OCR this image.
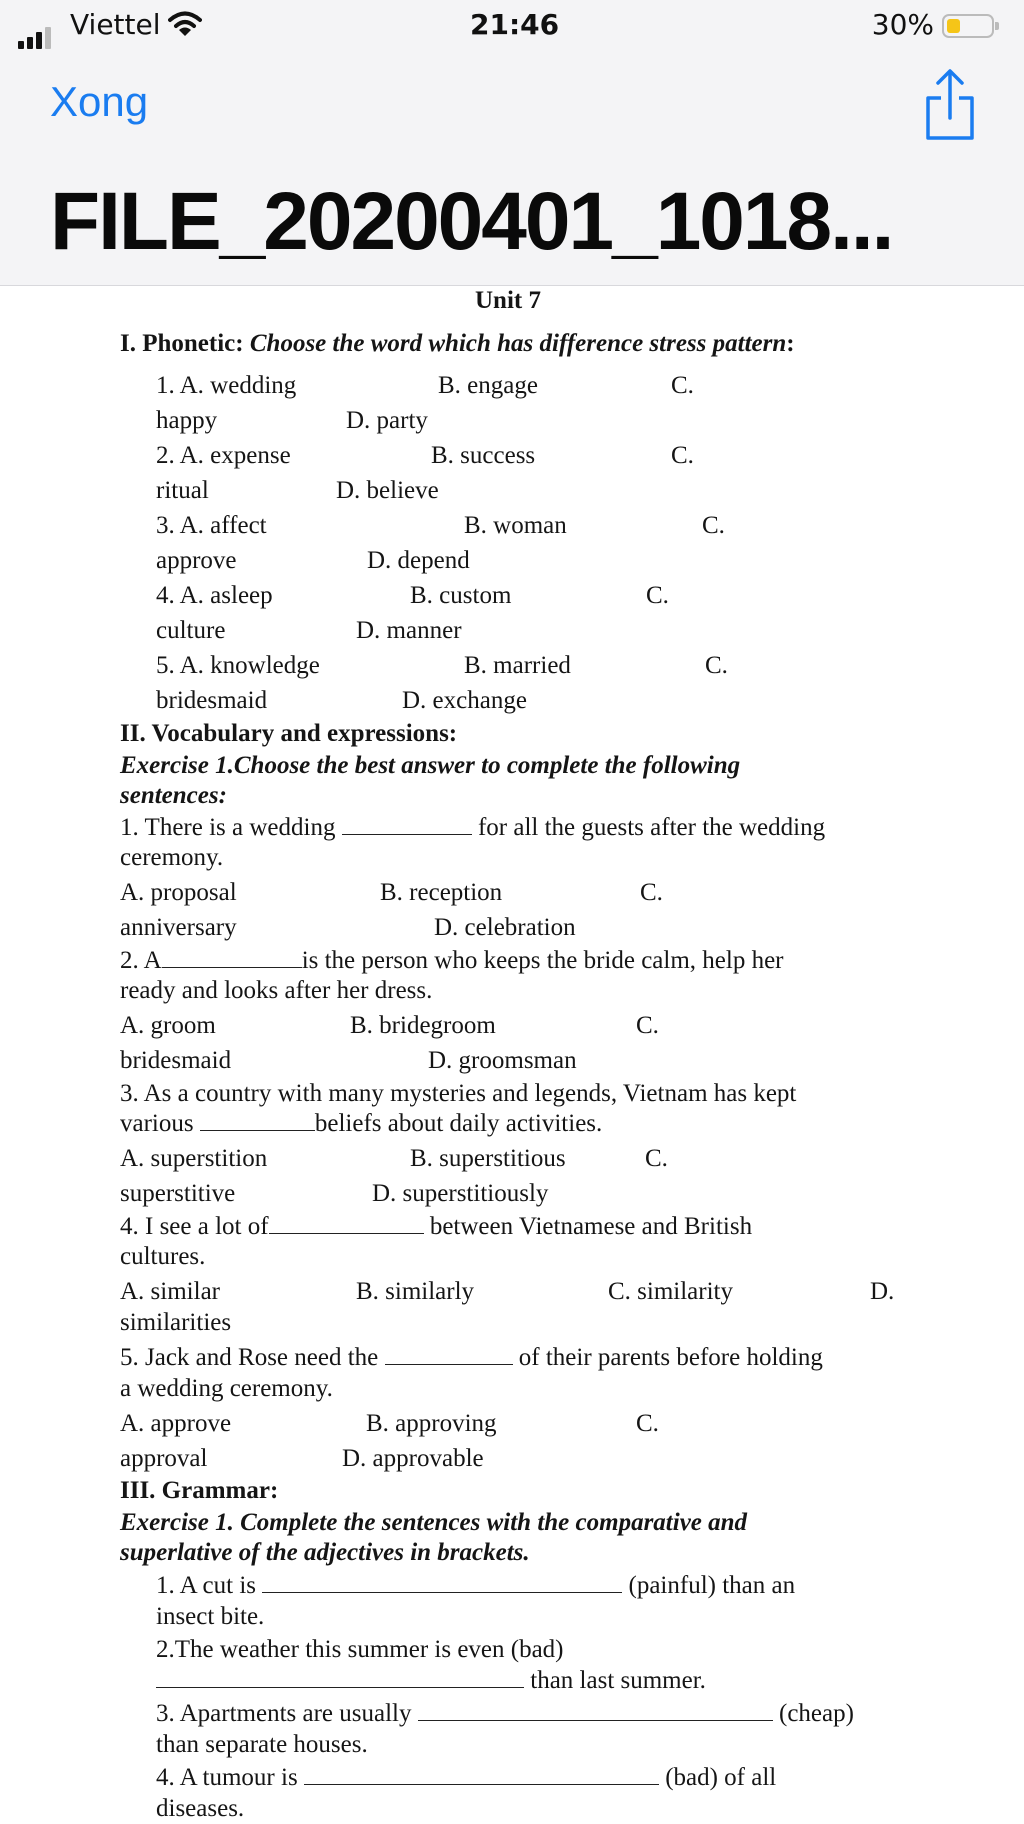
Viettel	21:46	30%
Xong
FILE_20200401_1018...
Unit 7
I. Phonetic: Choose the word which has difference stress pattern:
1. A. wedding	B. engage	C.
happy	D. party
2. A. expense	B. success	C.
ritual	D. believe
3. A. affect	B. woman	C.
approve	D. depend
4. A. asleep	B. custom	C.
culture	D. manner
5. A. knowledge	B. married	C.
bridesmaid	D. exchange
II. Vocabulary and expressions:
Exercise 1.Choose the best answer to complete the following
sentences:
1. There is a wedding	for all the guests after the wedding
ceremony.
A. proposal	B. reception	C.
anniversary	D. celebration
2. A	is the person who keeps the bride calm, help her
ready and looks after her dress.
A. groom	B. bridegroom	C.
bridesmaid	D. groomsman
3. As a country with many mysteries and legends, Vietnam has kept
various	beliefs about daily activities.
A. superstition	B. superstitious	C.
superstitive	D. superstitiously
4. I see a lot of	between Vietnamese and British
cultures.
A. similar	B. similarly	C. similarity	D.
similarities
5. Jack and Rose need the	of their parents before holding
a wedding ceremony.
A. approve	B. approving	C.
approval	D. approvable
III. Grammar:
Exercise 1. Complete the sentences with the comparative and
superlative of the adjectives in brackets.
1. A cut is	(painful) than an
insect bite.
2.The weather this summer is even (bad)
than last summer.
3. Apartments are usually	(cheap)
than separate houses.
4. A tumour is	(bad) of all
diseases.
